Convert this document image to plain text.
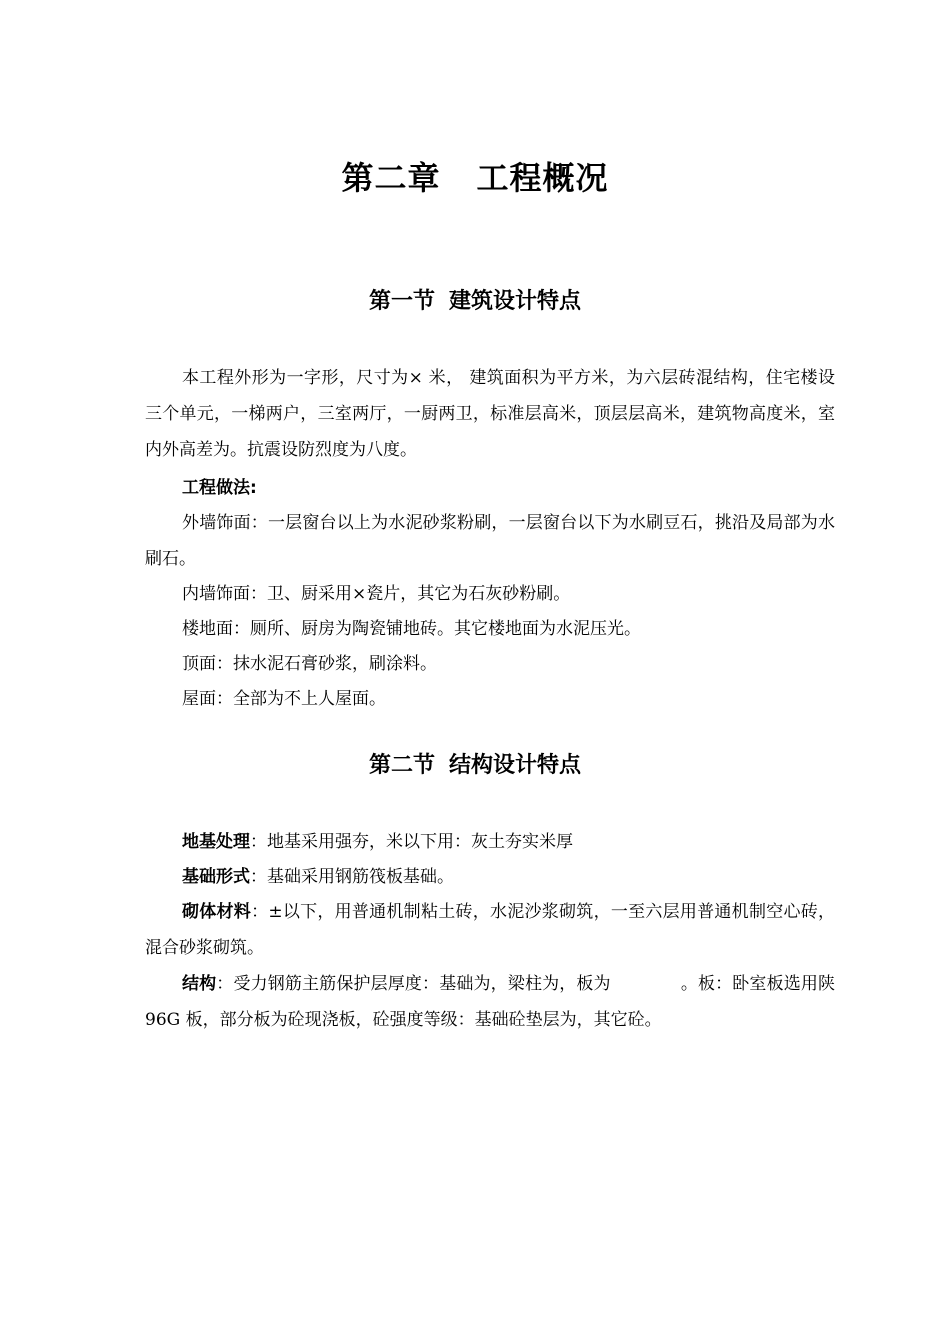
第二章 工程概况
第一节 建筑设计特点

本工程外形为一字形，尺寸为× 米， 建筑面积为平方米，为六层砖混结构，住宅楼设三个单元，一梯两户，三室两厅，一厨两卫，标准层高米，顶层层高米，建筑物高度米，室内外高差为。抗震设防烈度为八度。

工程做法:

外墙饰面：一层窗台以上为水泥砂浆粉刷，一层窗台以下为水刷豆石，挑沿及局部为水刷石。

内墙饰面：卫、厨采用×瓷片，其它为石灰砂粉刷。

楼地面：厕所、厨房为陶瓷铺地砖。其它楼地面为水泥压光。

顶面：抹水泥石膏砂浆，刷涂料。

屋面：全部为不上人屋面。

第二节 结构设计特点

地基处理：地基采用强夯，米以下用：灰土夯实米厚

基础形式：基础采用钢筋筏板基础。

砌体材料：±以下，用普通机制粘土砖，水泥沙浆砌筑，一至六层用普通机制空心砖，混合砂浆砌筑。

结构：受力钢筋主筋保护层厚度：基础为，梁柱为，板为	。板：卧室板选用陕 96G 板，部分板为砼现浇板，砼强度等级：基础砼垫层为，其它砼。
